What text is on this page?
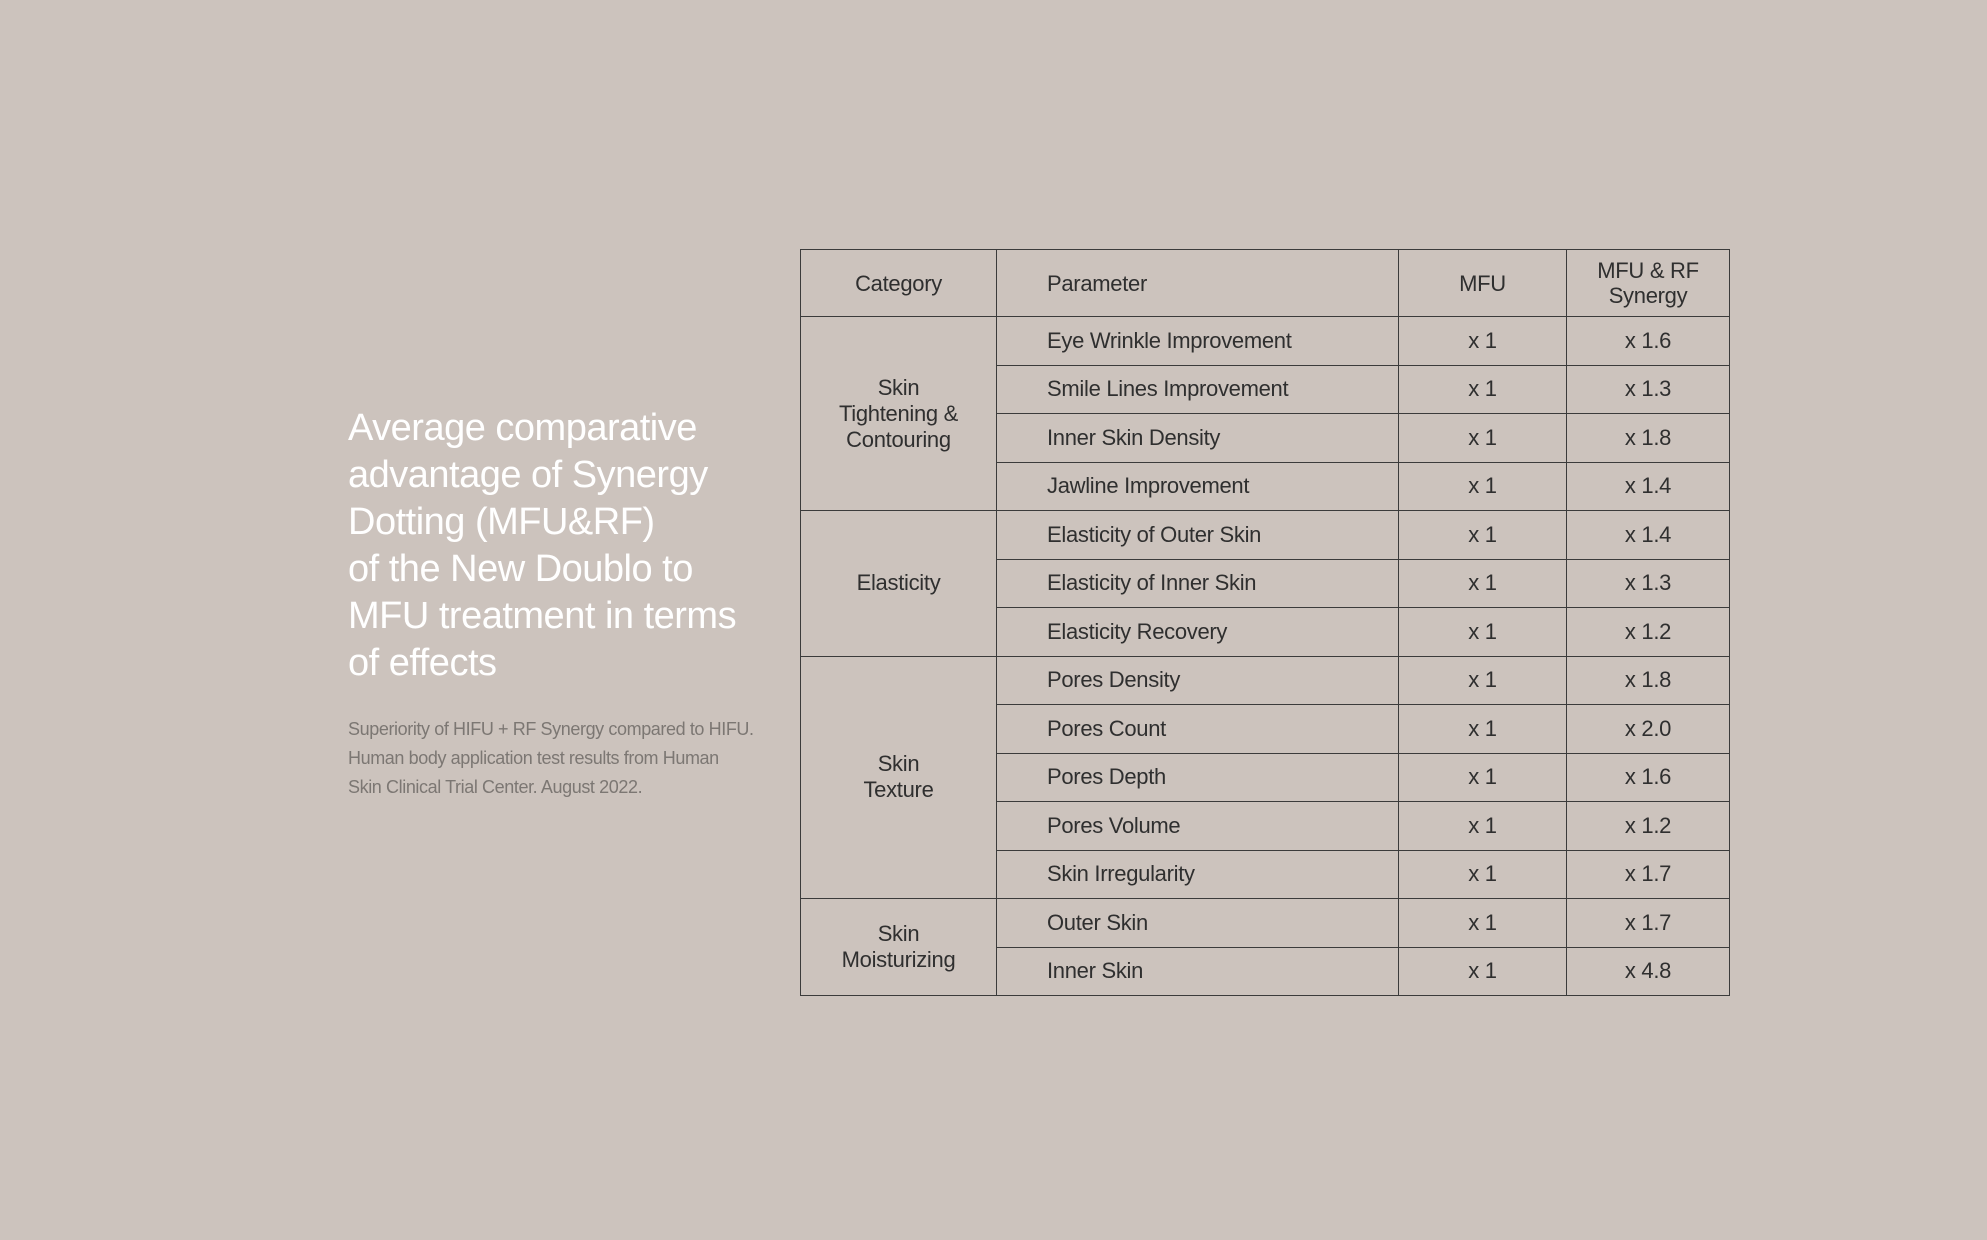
Average comparative
advantage of Synergy
Dotting (MFU&RF)
of the New Doublo to
MFU treatment in terms
of effects

Superiority of HIFU + RF Synergy compared to HIFU.
Human body application test results from Human
Skin Clinical Trial Center. August 2022.

Category	Parameter	MFU	MFU & RF
Synergy

Skin
Tightening &
Contouring	Eye Wrinkle Improvement	x 1	x 1.6
	Smile Lines Improvement	x 1	x 1.3
	Inner Skin Density	x 1	x 1.8
	Jawline Improvement	x 1	x 1.4

Elasticity	Elasticity of Outer Skin	x 1	x 1.4
	Elasticity of Inner Skin	x 1	x 1.3
	Elasticity Recovery	x 1	x 1.2

Skin
Texture	Pores Density	x 1	x 1.8
	Pores Count	x 1	x 2.0
	Pores Depth	x 1	x 1.6
	Pores Volume	x 1	x 1.2
	Skin Irregularity	x 1	x 1.7

Skin
Moisturizing	Outer Skin	x 1	x 1.7
	Inner Skin	x 1	x 4.8
